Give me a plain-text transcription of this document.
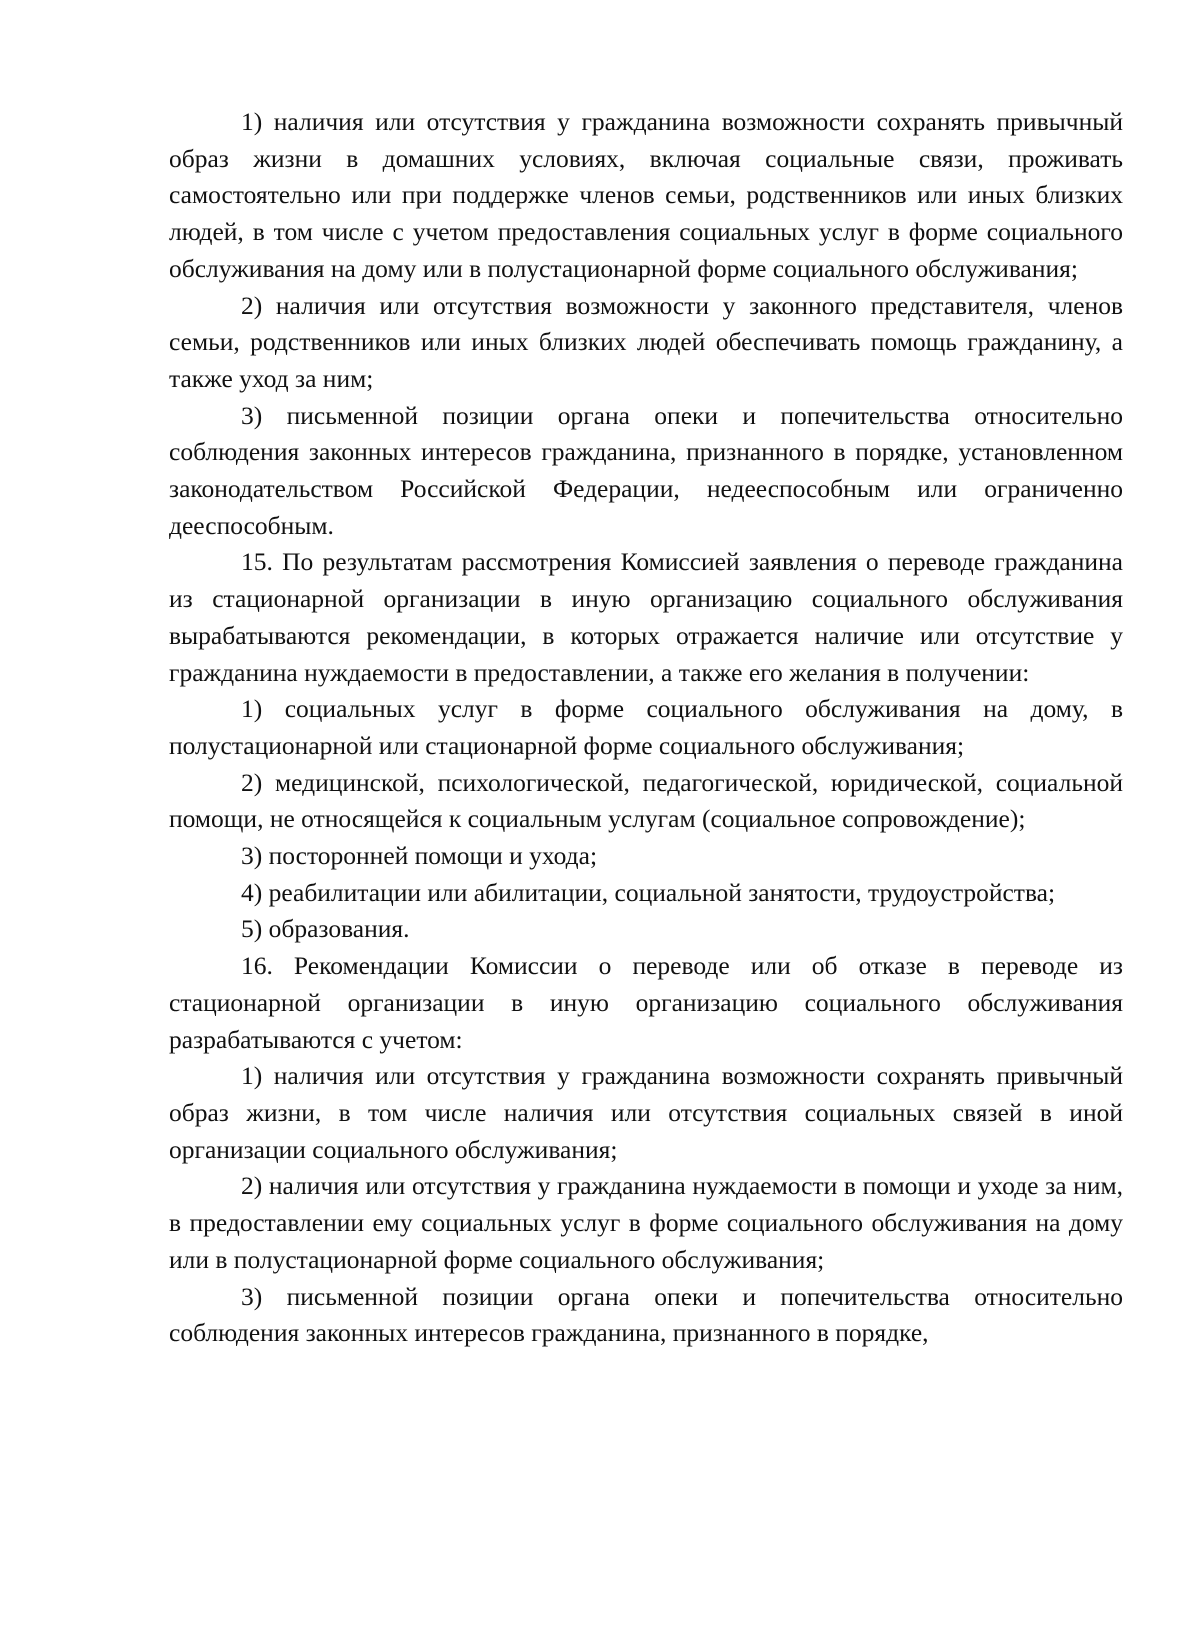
1) наличия или отсутствия у гражданина возможности сохранять привычный образ жизни в домашних условиях, включая социальные связи, проживать самостоятельно или при поддержке членов семьи, родственников или иных близких людей, в том числе с учетом предоставления социальных услуг в форме социального обслуживания на дому или в полустационарной форме социального обслуживания;

2) наличия или отсутствия возможности у законного представителя, членов семьи, родственников или иных близких людей обеспечивать помощь гражданину, а также уход за ним;

3) письменной позиции органа опеки и попечительства относительно соблюдения законных интересов гражданина, признанного в порядке, установленном законодательством Российской Федерации, недееспособным или ограниченно дееспособным.

15. По результатам рассмотрения Комиссией заявления о переводе гражданина из стационарной организации в иную организацию социального обслуживания вырабатываются рекомендации, в которых отражается наличие или отсутствие у гражданина нуждаемости в предоставлении, а также его желания в получении:

1) социальных услуг в форме социального обслуживания на дому, в полустационарной или стационарной форме социального обслуживания;

2) медицинской, психологической, педагогической, юридической, социальной помощи, не относящейся к социальным услугам (социальное сопровождение);

3) посторонней помощи и ухода;

4) реабилитации или абилитации, социальной занятости, трудоустройства;

5) образования.

16. Рекомендации Комиссии о переводе или об отказе в переводе из стационарной организации в иную организацию социального обслуживания разрабатываются с учетом:

1) наличия или отсутствия у гражданина возможности сохранять привычный образ жизни, в том числе наличия или отсутствия социальных связей в иной организации социального обслуживания;

2) наличия или отсутствия у гражданина нуждаемости в помощи и уходе за ним, в предоставлении ему социальных услуг в форме социального обслуживания на дому или в полустационарной форме социального обслуживания;

3) письменной позиции органа опеки и попечительства относительно соблюдения законных интересов гражданина, признанного в порядке,
